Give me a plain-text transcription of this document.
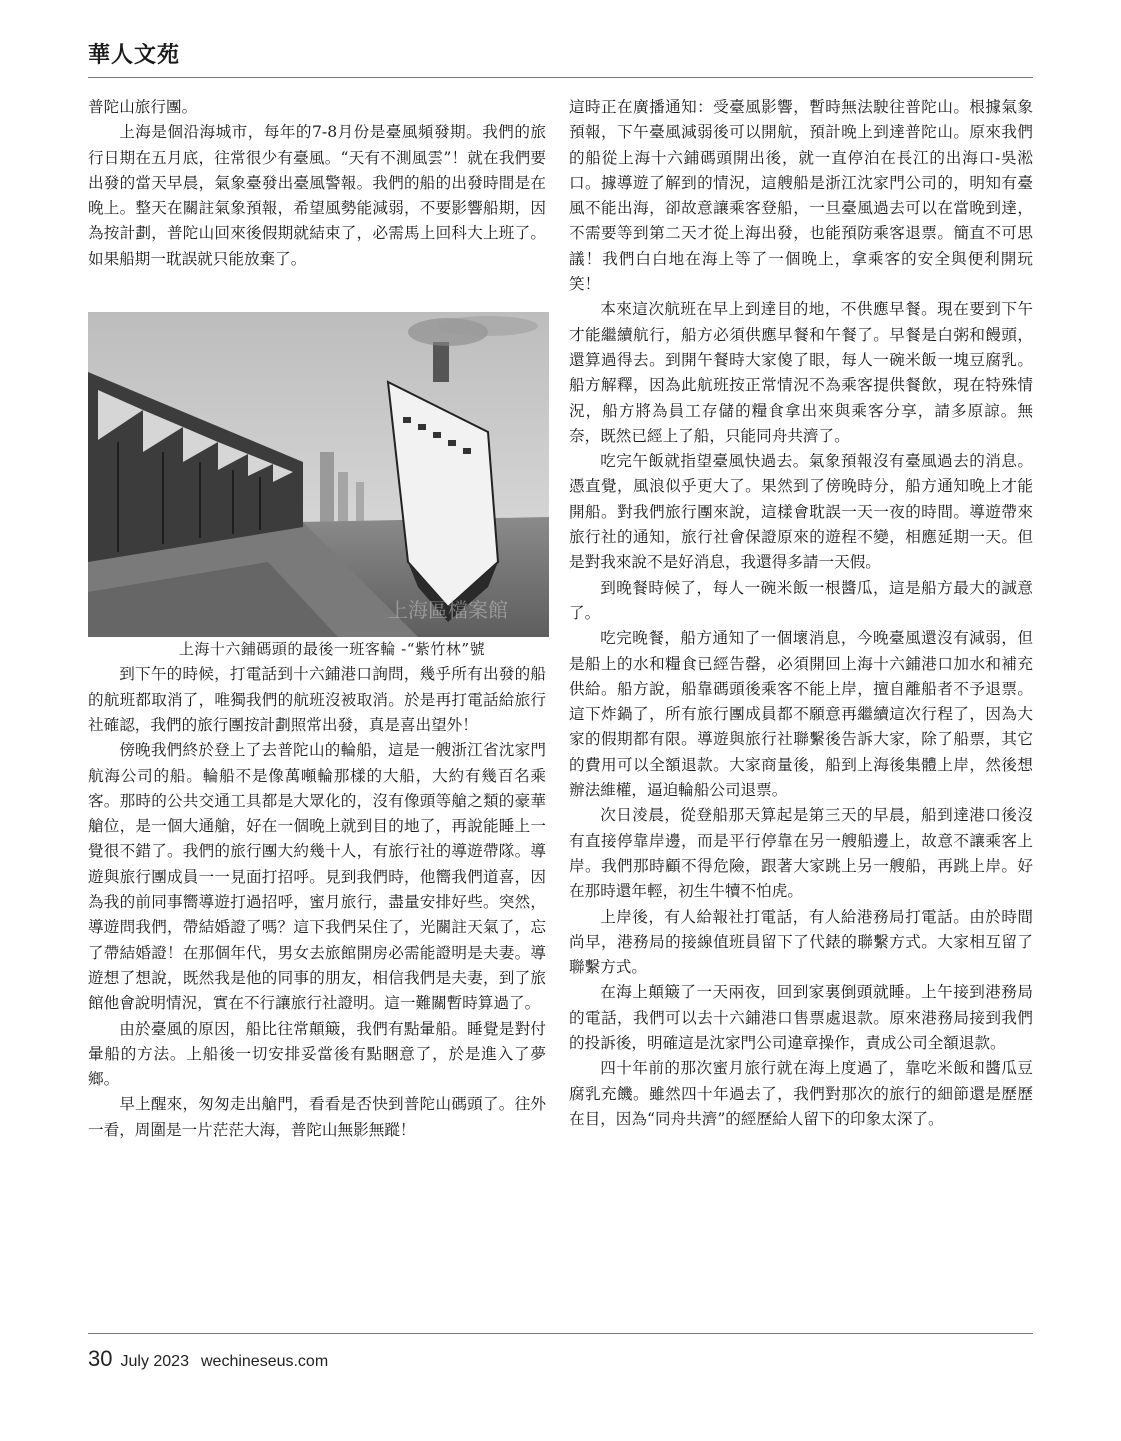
華人文苑

普陀山旅行團。

上海是個沿海城市，每年的7-8月份是臺風頻發期。我們的旅行日期在五月底，往常很少有臺風。“天有不測風雲”！就在我們要出發的當天早晨，氣象臺發出臺風警報。我們的船的出發時間是在晚上。整天在關註氣象預報，希望風勢能減弱，不要影響船期，因為按計劃，普陀山回來後假期就結束了，必需馬上回科大上班了。如果船期一耽誤就只能放棄了。

上海區檔案館

上海十六鋪碼頭的最後一班客輪 -“紫竹林”號

到下午的時候，打電話到十六鋪港口詢問，幾乎所有出發的船的航班都取消了，唯獨我們的航班沒被取消。於是再打電話給旅行社確認，我們的旅行團按計劃照常出發，真是喜出望外！

傍晚我們終於登上了去普陀山的輪船，這是一艘浙江省沈家門航海公司的船。輪船不是像萬噸輪那樣的大船，大約有幾百名乘客。那時的公共交通工具都是大眾化的，沒有像頭等艙之類的豪華艙位，是一個大通艙，好在一個晚上就到目的地了，再說能睡上一覺很不錯了。我們的旅行團大約幾十人，有旅行社的導遊帶隊。導遊與旅行團成員一一見面打招呼。見到我們時，他嚮我們道喜，因為我的前同事嚮導遊打過招呼，蜜月旅行，盡量安排好些。突然，導遊問我們，帶結婚證了嗎？這下我們呆住了，光關註天氣了，忘了帶結婚證！在那個年代，男女去旅館開房必需能證明是夫妻。導遊想了想說，既然我是他的同事的朋友，相信我們是夫妻，到了旅館他會說明情況，實在不行讓旅行社證明。這一難關暫時算過了。

由於臺風的原因，船比往常顛簸，我們有點暈船。睡覺是對付暈船的方法。上船後一切安排妥當後有點睏意了，於是進入了夢鄉。

早上醒來，匆匆走出艙門，看看是否快到普陀山碼頭了。往外一看，周圍是一片茫茫大海，普陀山無影無蹤！

這時正在廣播通知：受臺風影響，暫時無法駛往普陀山。根據氣象預報，下午臺風減弱後可以開航，預計晚上到達普陀山。原來我們的船從上海十六鋪碼頭開出後，就一直停泊在長江的出海口-吳淞口。據導遊了解到的情況，這艘船是浙江沈家門公司的，明知有臺風不能出海，卻故意讓乘客登船，一旦臺風過去可以在當晚到達，不需要等到第二天才從上海出發，也能預防乘客退票。簡直不可思議！我們白白地在海上等了一個晚上，拿乘客的安全與便利開玩笑！

本來這次航班在早上到達目的地，不供應早餐。現在要到下午才能繼續航行，船方必須供應早餐和午餐了。早餐是白粥和饅頭，還算過得去。到開午餐時大家傻了眼，每人一碗米飯一塊豆腐乳。船方解釋，因為此航班按正常情況不為乘客提供餐飲，現在特殊情況，船方將為員工存儲的糧食拿出來與乘客分享，請多原諒。無奈，既然已經上了船，只能同舟共濟了。

吃完午飯就指望臺風快過去。氣象預報沒有臺風過去的消息。憑直覺，風浪似乎更大了。果然到了傍晚時分，船方通知晚上才能開船。對我們旅行團來說，這樣會耽誤一天一夜的時間。導遊帶來旅行社的通知，旅行社會保證原來的遊程不變，相應延期一天。但是對我來說不是好消息，我還得多請一天假。

到晚餐時候了，每人一碗米飯一根醬瓜，這是船方最大的誠意了。

吃完晚餐，船方通知了一個壞消息，今晚臺風還沒有減弱，但是船上的水和糧食已經告罄，必須開回上海十六鋪港口加水和補充供給。船方說，船靠碼頭後乘客不能上岸，擅自離船者不予退票。這下炸鍋了，所有旅行團成員都不願意再繼續這次行程了，因為大家的假期都有限。導遊與旅行社聯繫後告訴大家，除了船票，其它的費用可以全額退款。大家商量後，船到上海後集體上岸，然後想辦法維權，逼迫輪船公司退票。

次日淩晨，從登船那天算起是第三天的早晨，船到達港口後沒有直接停靠岸邊，而是平行停靠在另一艘船邊上，故意不讓乘客上岸。我們那時顧不得危險，跟著大家跳上另一艘船，再跳上岸。好在那時還年輕，初生牛犢不怕虎。

上岸後，有人給報社打電話，有人給港務局打電話。由於時間尚早，港務局的接線值班員留下了代錶的聯繫方式。大家相互留了聯繫方式。

在海上顛簸了一天兩夜，回到家裏倒頭就睡。上午接到港務局的電話，我們可以去十六鋪港口售票處退款。原來港務局接到我們的投訴後，明確這是沈家門公司違章操作，責成公司全額退款。

四十年前的那次蜜月旅行就在海上度過了，靠吃米飯和醬瓜豆腐乳充饑。雖然四十年過去了，我們對那次的旅行的細節還是歷歷在目，因為“同舟共濟”的經歷給人留下的印象太深了。

30 July 2023 wechineseus.com
